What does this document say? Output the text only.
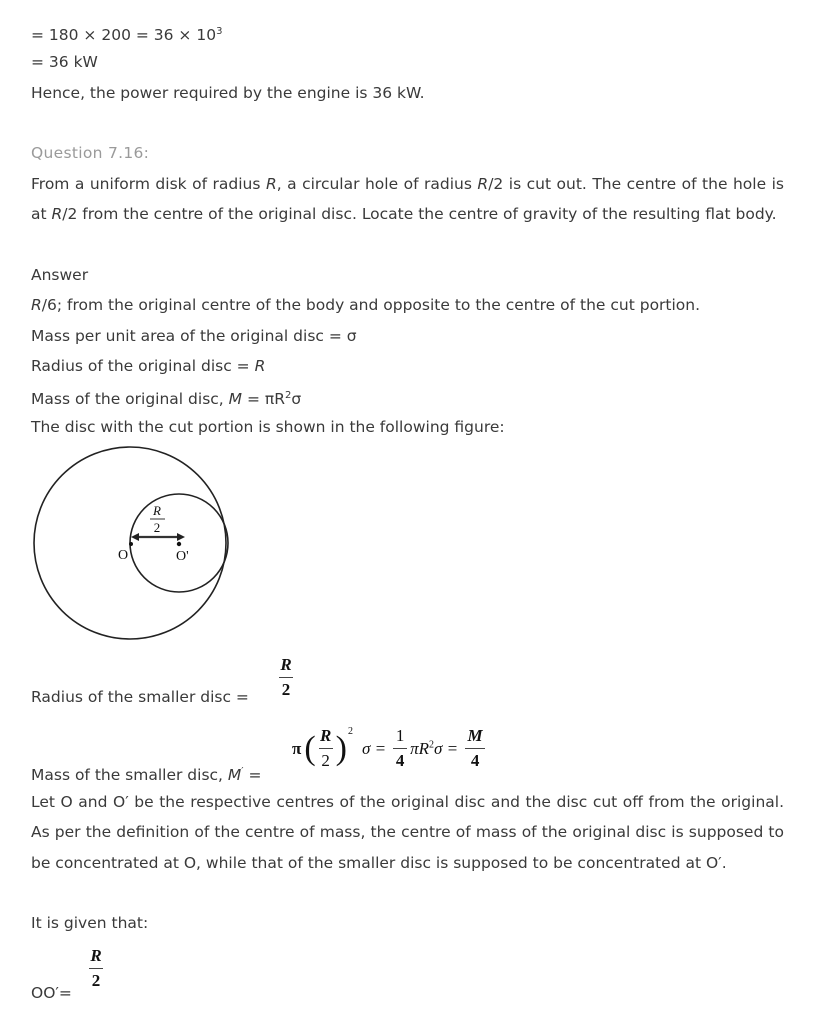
= $180 \times 200 = 36 \times 10^3$
= 36 kW
Hence, the power required by the engine is 36 kW.
Question 7.16:
From a uniform disk of radius R, a circular hole of radius R/2 is cut out. The centre of the hole is at R/2 from the centre of the original disc. Locate the centre of gravity of the resulting flat body.
Answer
R/6; from the original centre of the body and opposite to the centre of the cut portion.
Mass per unit area of the original disc = σ
Radius of the original disc = R
Mass of the original disc, $M = \pi R^2\sigma$
The disc with the cut portion is shown in the following figure:
R
2
O	O'
Radius of the smaller disc = $\frac{R}{2}$
Mass of the smaller disc, M′ =
π ( $\frac{R}{2} )^2$
$\sigma = \frac{1}{4} \pi R^2\sigma = \frac{M}{4}$
Let O and O′ be the respective centres of the original disc and the disc cut off from the original. As per the definition of the centre of mass, the centre of mass of the original disc is supposed to be concentrated at O, while that of the smaller disc is supposed to be concentrated at O′.
It is given that:
OO′=
$\frac{R}{2}$
